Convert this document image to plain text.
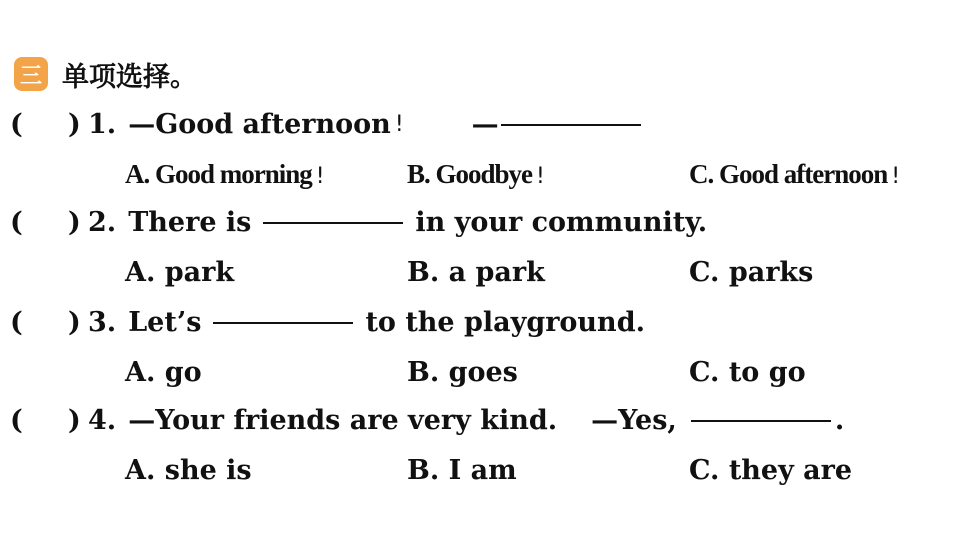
三 单项选择。
( ) 1. —Good afternoon !	—
A. Good morning !	B. Goodbye !	C. Good afternoon !
( ) 2. There is	in your community.
A. park	B. a park	C. parks
( ) 3. Let’s	to the playground.
A. go	B. goes	C. to go
( ) 4. —Your friends are very kind. —Yes,	.
A. she is	B. I am	C. they are
